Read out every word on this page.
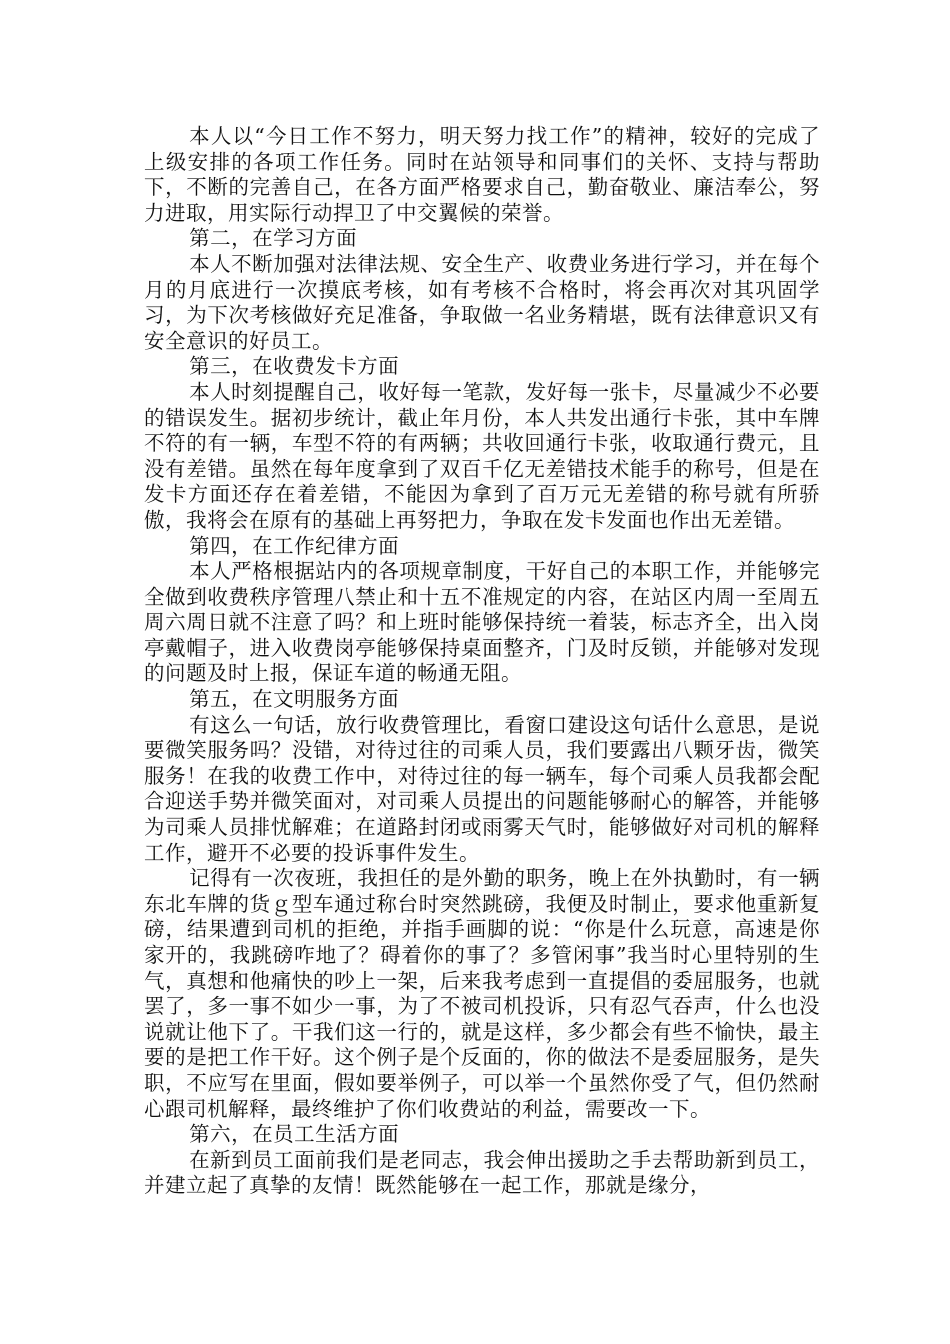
本人以“今日工作不努力，明天努力找工作”的精神，较好的完成了上级安排的各项工作任务。同时在站领导和同事们的关怀、支持与帮助下，不断的完善自己，在各方面严格要求自己，勤奋敬业、廉洁奉公，努力进取，用实际行动捍卫了中交翼候的荣誉。

第二，在学习方面

本人不断加强对法律法规、安全生产、收费业务进行学习，并在每个月的月底进行一次摸底考核，如有考核不合格时，将会再次对其巩固学习，为下次考核做好充足准备，争取做一名业务精堪，既有法律意识又有安全意识的好员工。

第三，在收费发卡方面

本人时刻提醒自己，收好每一笔款，发好每一张卡，尽量减少不必要的错误发生。据初步统计，截止年月份，本人共发出通行卡张，其中车牌不符的有一辆，车型不符的有两辆；共收回通行卡张，收取通行费元，且没有差错。虽然在每年度拿到了双百千亿无差错技术能手的称号，但是在发卡方面还存在着差错，不能因为拿到了百万元无差错的称号就有所骄傲，我将会在原有的基础上再努把力，争取在发卡发面也作出无差错。

第四，在工作纪律方面

本人严格根据站内的各项规章制度，干好自己的本职工作，并能够完全做到收费秩序管理八禁止和十五不准规定的内容，在站区内周一至周五周六周日就不注意了吗？和上班时能够保持统一着装，标志齐全，出入岗亭戴帽子，进入收费岗亭能够保持桌面整齐，门及时反锁，并能够对发现的问题及时上报，保证车道的畅通无阻。

第五，在文明服务方面

有这么一句话，放行收费管理比，看窗口建设这句话什么意思，是说要微笑服务吗？没错，对待过往的司乘人员，我们要露出八颗牙齿，微笑服务！在我的收费工作中，对待过往的每一辆车，每个司乘人员我都会配合迎送手势并微笑面对，对司乘人员提出的问题能够耐心的解答，并能够为司乘人员排忧解难；在道路封闭或雨雾天气时，能够做好对司机的解释工作，避开不必要的投诉事件发生。

记得有一次夜班，我担任的是外勤的职务，晚上在外执勤时，有一辆东北车牌的货ｇ型车通过称台时突然跳磅，我便及时制止，要求他重新复磅，结果遭到司机的拒绝，并指手画脚的说：“你是什么玩意，高速是你家开的，我跳磅咋地了？碍着你的事了？多管闲事”我当时心里特别的生气，真想和他痛快的吵上一架，后来我考虑到一直提倡的委屈服务，也就罢了，多一事不如少一事，为了不被司机投诉，只有忍气吞声，什么也没说就让他下了。干我们这一行的，就是这样，多少都会有些不愉快，最主要的是把工作干好。这个例子是个反面的，你的做法不是委屈服务，是失职，不应写在里面，假如要举例子，可以举一个虽然你受了气，但仍然耐心跟司机解释，最终维护了你们收费站的利益，需要改一下。

第六，在员工生活方面

在新到员工面前我们是老同志，我会伸出援助之手去帮助新到员工，并建立起了真挚的友情！既然能够在一起工作，那就是缘分，
